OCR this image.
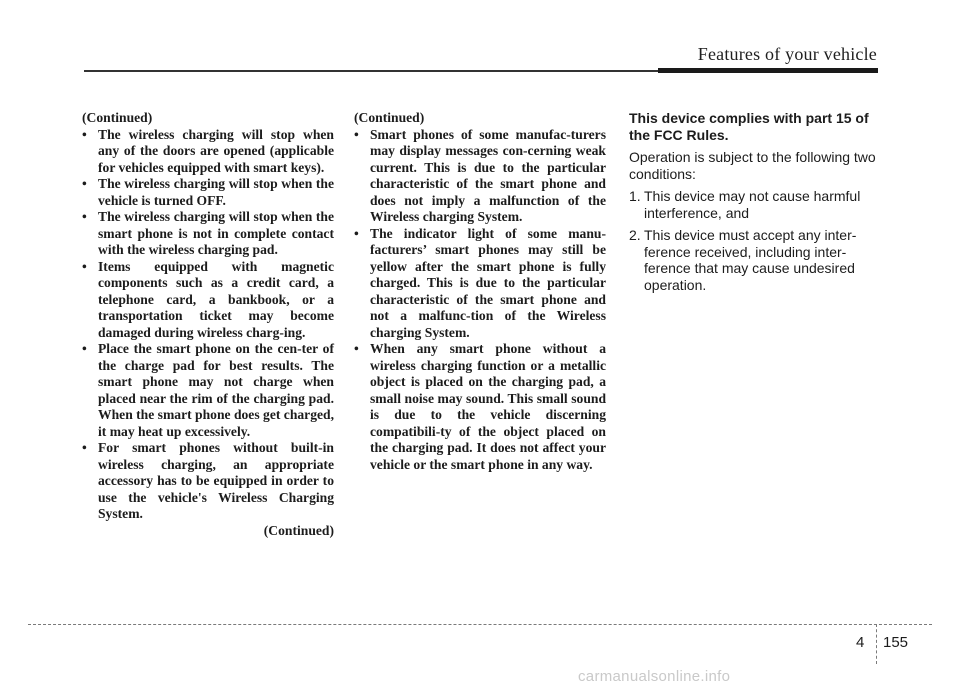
Features of your vehicle
(Continued)
• The wireless charging will stop when any of the doors are opened (applicable for vehicles equipped with smart keys).
• The wireless charging will stop when the vehicle is turned OFF.
• The wireless charging will stop when the smart phone is not in complete contact with the wireless charging pad.
• Items equipped with magnetic components such as a credit card, a telephone card, a bankbook, or a transportation ticket may become damaged during wireless charg-ing.
• Place the smart phone on the cen-ter of the charge pad for best results. The smart phone may not charge when placed near the rim of the charging pad. When the smart phone does get charged, it may heat up excessively.
• For smart phones without built-in wireless charging, an appropriate accessory has to be equipped in order to use the vehicle's Wireless Charging System.
(Continued)
(Continued)
• Smart phones of some manufac-turers may display messages con-cerning weak current. This is due to the particular characteristic of the smart phone and does not imply a malfunction of the Wireless charging System.
• The indicator light of some manu-facturers’ smart phones may still be yellow after the smart phone is fully charged. This is due to the particular characteristic of the smart phone and not a malfunc-tion of the Wireless charging System.
• When any smart phone without a wireless charging function or a metallic object is placed on the charging pad, a small noise may sound. This small sound is due to the vehicle discerning compatibili-ty of the object placed on the charging pad. It does not affect your vehicle or the smart phone in any way.

This device complies with part 15 of the FCC Rules.

Operation is subject to the following two conditions:

1. This device may not cause harmful interference, and
2. This device must accept any inter-ference received, including inter-ference that may cause undesired operation.
4 155
carmanualsonline.info
